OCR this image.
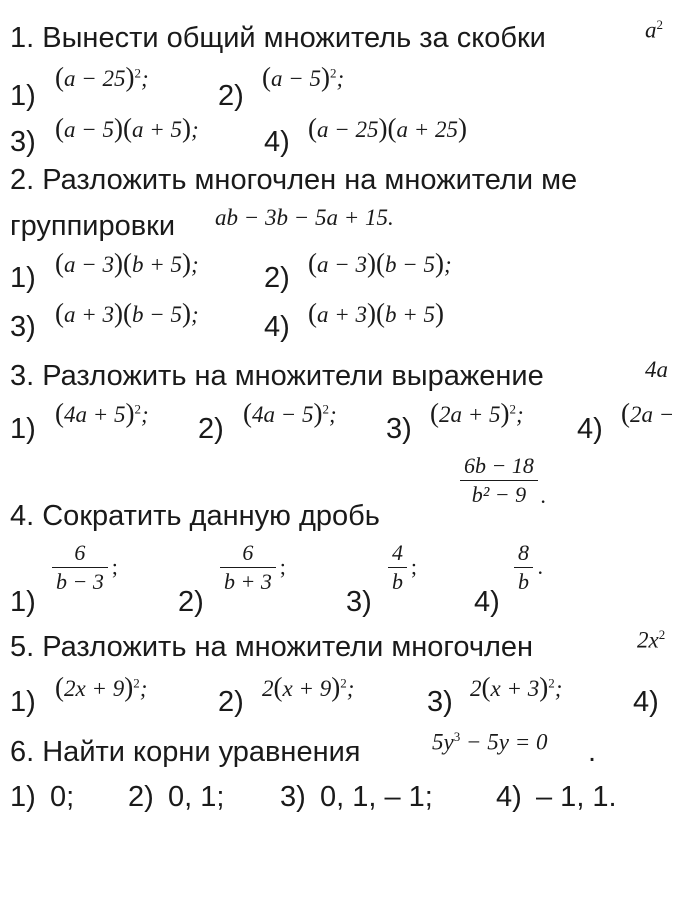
1. Вынести общий множитель за скобки	$a^2$
1)
$(a - 25)^2$;
2)
$(a - 5)^2$;
3) (a − 5)(a + 5); 4) (a − 25)(a + 25)
2. Разложить многочлен на множители ме
группировки ab − 3b − 5a + 15.
1) (a − 3)(b + 5); 2) (a − 3)(b − 5);
3) (a + 3)(b − 5); 4) (a + 3)(b + 5)
3. Разложить на множители выражение	4a
1) $(4a + 5)^2$; 2) $(4a - 5)^2$; 3) $(2a + 5)^2$; 4) (2a −
6b − 18
b² − 9 .
4. Сократить данную дробь
1)
6
b − 3
;
2)
6
b + 3
;
3)
4
b
;
4)
8
b
.
5. Разложить на множители многочлен	$2x^2$
1) $(2x + 9)^2$; 2) $2(x + 9)^2$;	3) $2(x + 3)^2$; 4)
6. Найти корни уравнения	$5y^3 - 5y = 0$ .
1) 0; 2) 0, 1; 3) 0, 1, – 1; 4) – 1, 1.
